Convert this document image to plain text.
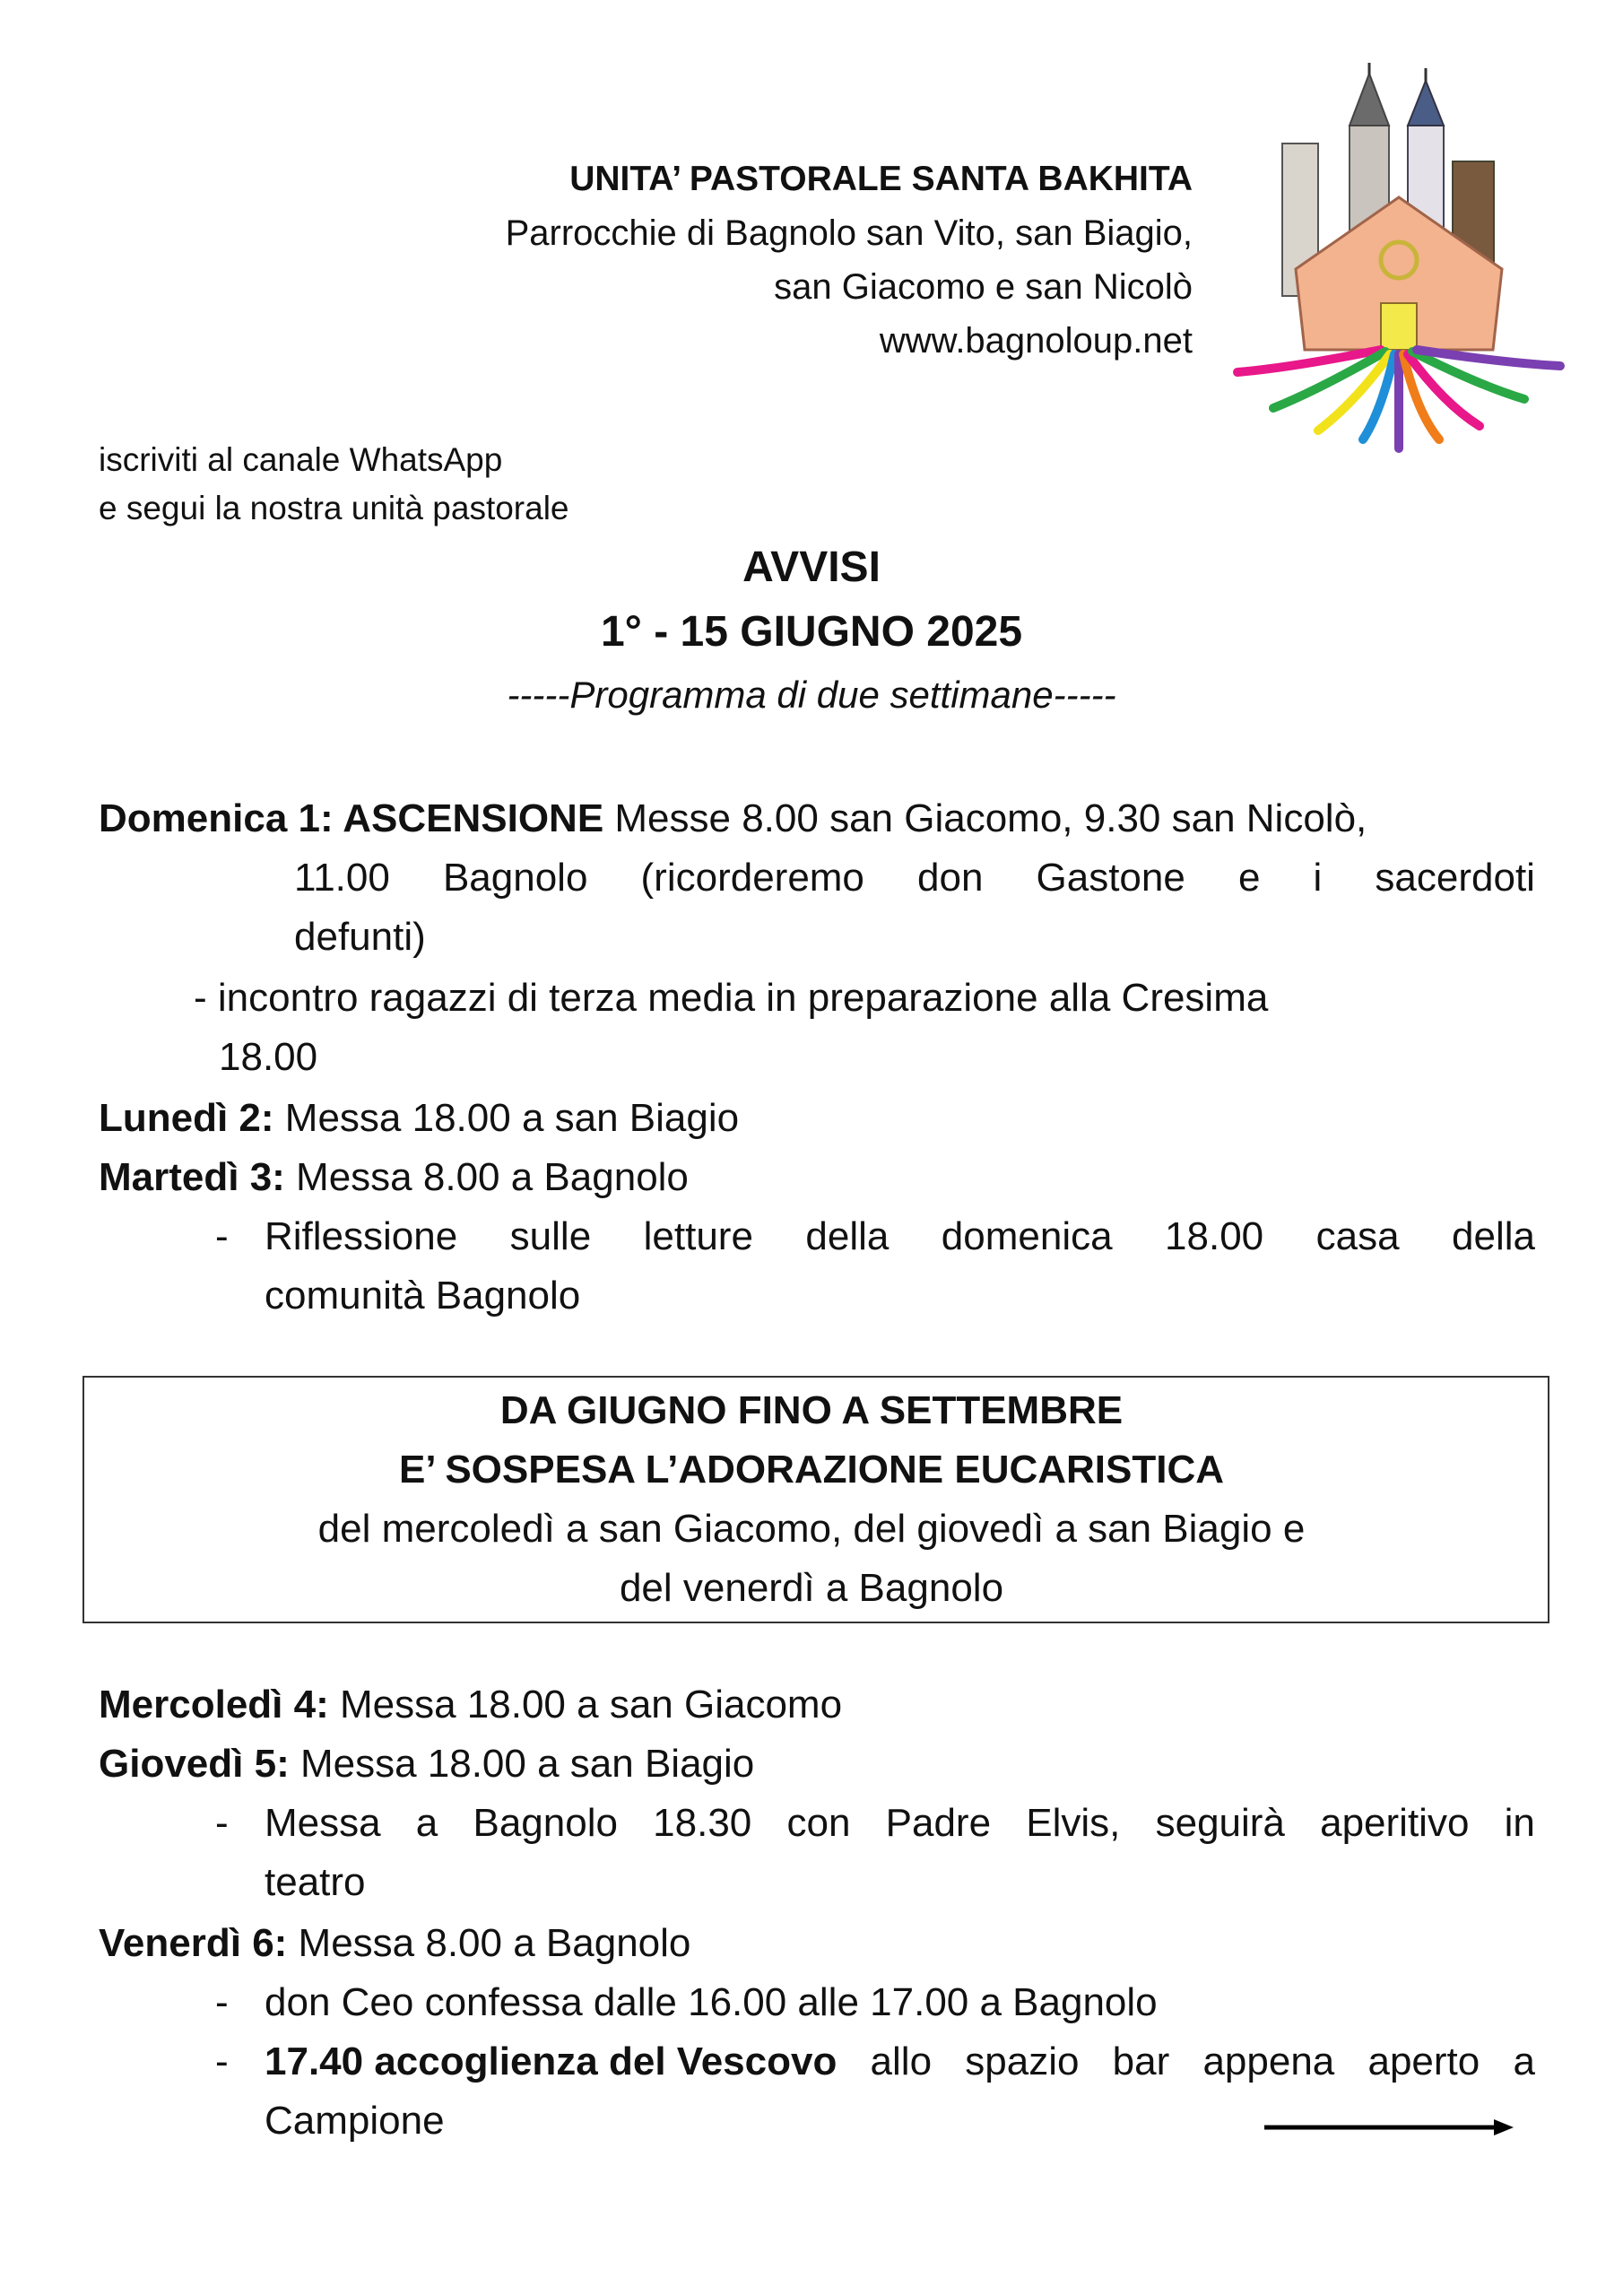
UNITA’ PASTORALE SANTA BAKHITA
Parrocchie di Bagnolo san Vito, san Biagio,
san Giacomo e san Nicolò
www.bagnoloup.net
iscriviti al canale WhatsApp
e segui la nostra unità pastorale
AVVISI
1° - 15 GIUGNO 2025
-----Programma di due settimane-----
Domenica 1: ASCENSIONE Messe 8.00 san Giacomo, 9.30 san Nicolò,
11.00 Bagnolo (ricorderemo don Gastone e i sacerdoti
defunti)
- incontro ragazzi di terza media in preparazione alla Cresima
18.00
Lunedì 2: Messa 18.00 a san Biagio
Martedì 3: Messa 8.00 a Bagnolo
- Riflessione sulle letture della domenica 18.00 casa della
comunità Bagnolo
DA GIUGNO FINO A SETTEMBRE
E’ SOSPESA L’ADORAZIONE EUCARISTICA
del mercoledì a san Giacomo, del giovedì a san Biagio e
del venerdì a Bagnolo
Mercoledì 4: Messa 18.00 a san Giacomo
Giovedì 5: Messa 18.00 a san Biagio
- Messa a Bagnolo 18.30 con Padre Elvis, seguirà aperitivo in
teatro
Venerdì 6: Messa 8.00 a Bagnolo
- don Ceo confessa dalle 16.00 alle 17.00 a Bagnolo
- 17.40 accoglienza del Vescovo allo spazio bar appena aperto a
Campione
